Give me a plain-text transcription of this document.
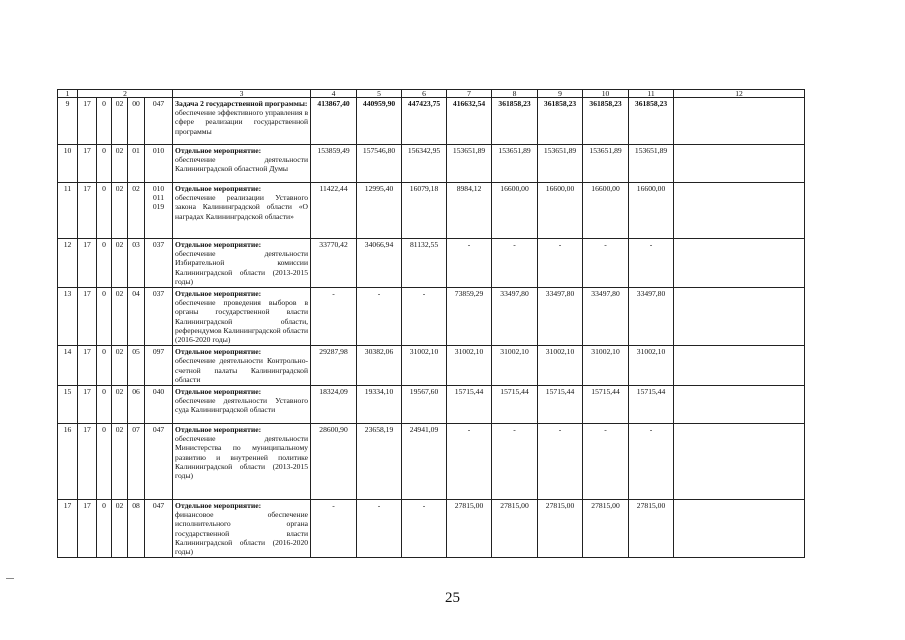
1	2					3	4	5	6	7	8	9	10	11	12
9	17	0	02	00	047	Задача 2 государственной программы:
обеспечение эффективного управления в сфере реализации государственной программы	413867,40	440959,90	447423,75	416632,54	361858,23	361858,23	361858,23	361858,23	
10	17	0	02	01	010	Отдельное мероприятие:
обеспечение деятельности Калининградской областной Думы	153859,49	157546,80	156342,95	153651,89	153651,89	153651,89	153651,89	153651,89	
11	17	0	02	02	010
011
019	Отдельное мероприятие:
обеспечение реализации Уставного закона Калининградской области «О наградах Калининградской области»	11422,44	12995,40	16079,18	8984,12	16600,00	16600,00	16600,00	16600,00	
12	17	0	02	03	037	Отдельное мероприятие:
обеспечение деятельности Избирательной комиссии Калининградской области (2013-2015 годы)	33770,42	34066,94	81132,55	-	-	-	-	-	
13	17	0	02	04	037	Отдельное мероприятие:
обеспечение проведения выборов в органы государственной власти Калининградской области, референдумов Калининградской области (2016-2020 годы)	-	-	-	73859,29	33497,80	33497,80	33497,80	33497,80	
14	17	0	02	05	097	Отдельное мероприятие:
обеспечение деятельности Контрольно-счетной палаты Калининградской области	29287,98	30382,06	31002,10	31002,10	31002,10	31002,10	31002,10	31002,10	
15	17	0	02	06	040	Отдельное мероприятие:
обеспечение деятельности Уставного суда Калининградской области	18324,09	19334,10	19567,60	15715,44	15715,44	15715,44	15715,44	15715,44	
16	17	0	02	07	047	Отдельное мероприятие:
обеспечение деятельности Министерства по муниципальному развитию и внутренней политике Калининградской области (2013-2015 годы)	28600,90	23658,19	24941,09	-	-	-	-	-	
17	17	0	02	08	047	Отдельное мероприятие:
финансовое обеспечение исполнительного органа государственной власти Калининградской области (2016-2020 годы)	-	-	-	27815,00	27815,00	27815,00	27815,00	27815,00	
25
